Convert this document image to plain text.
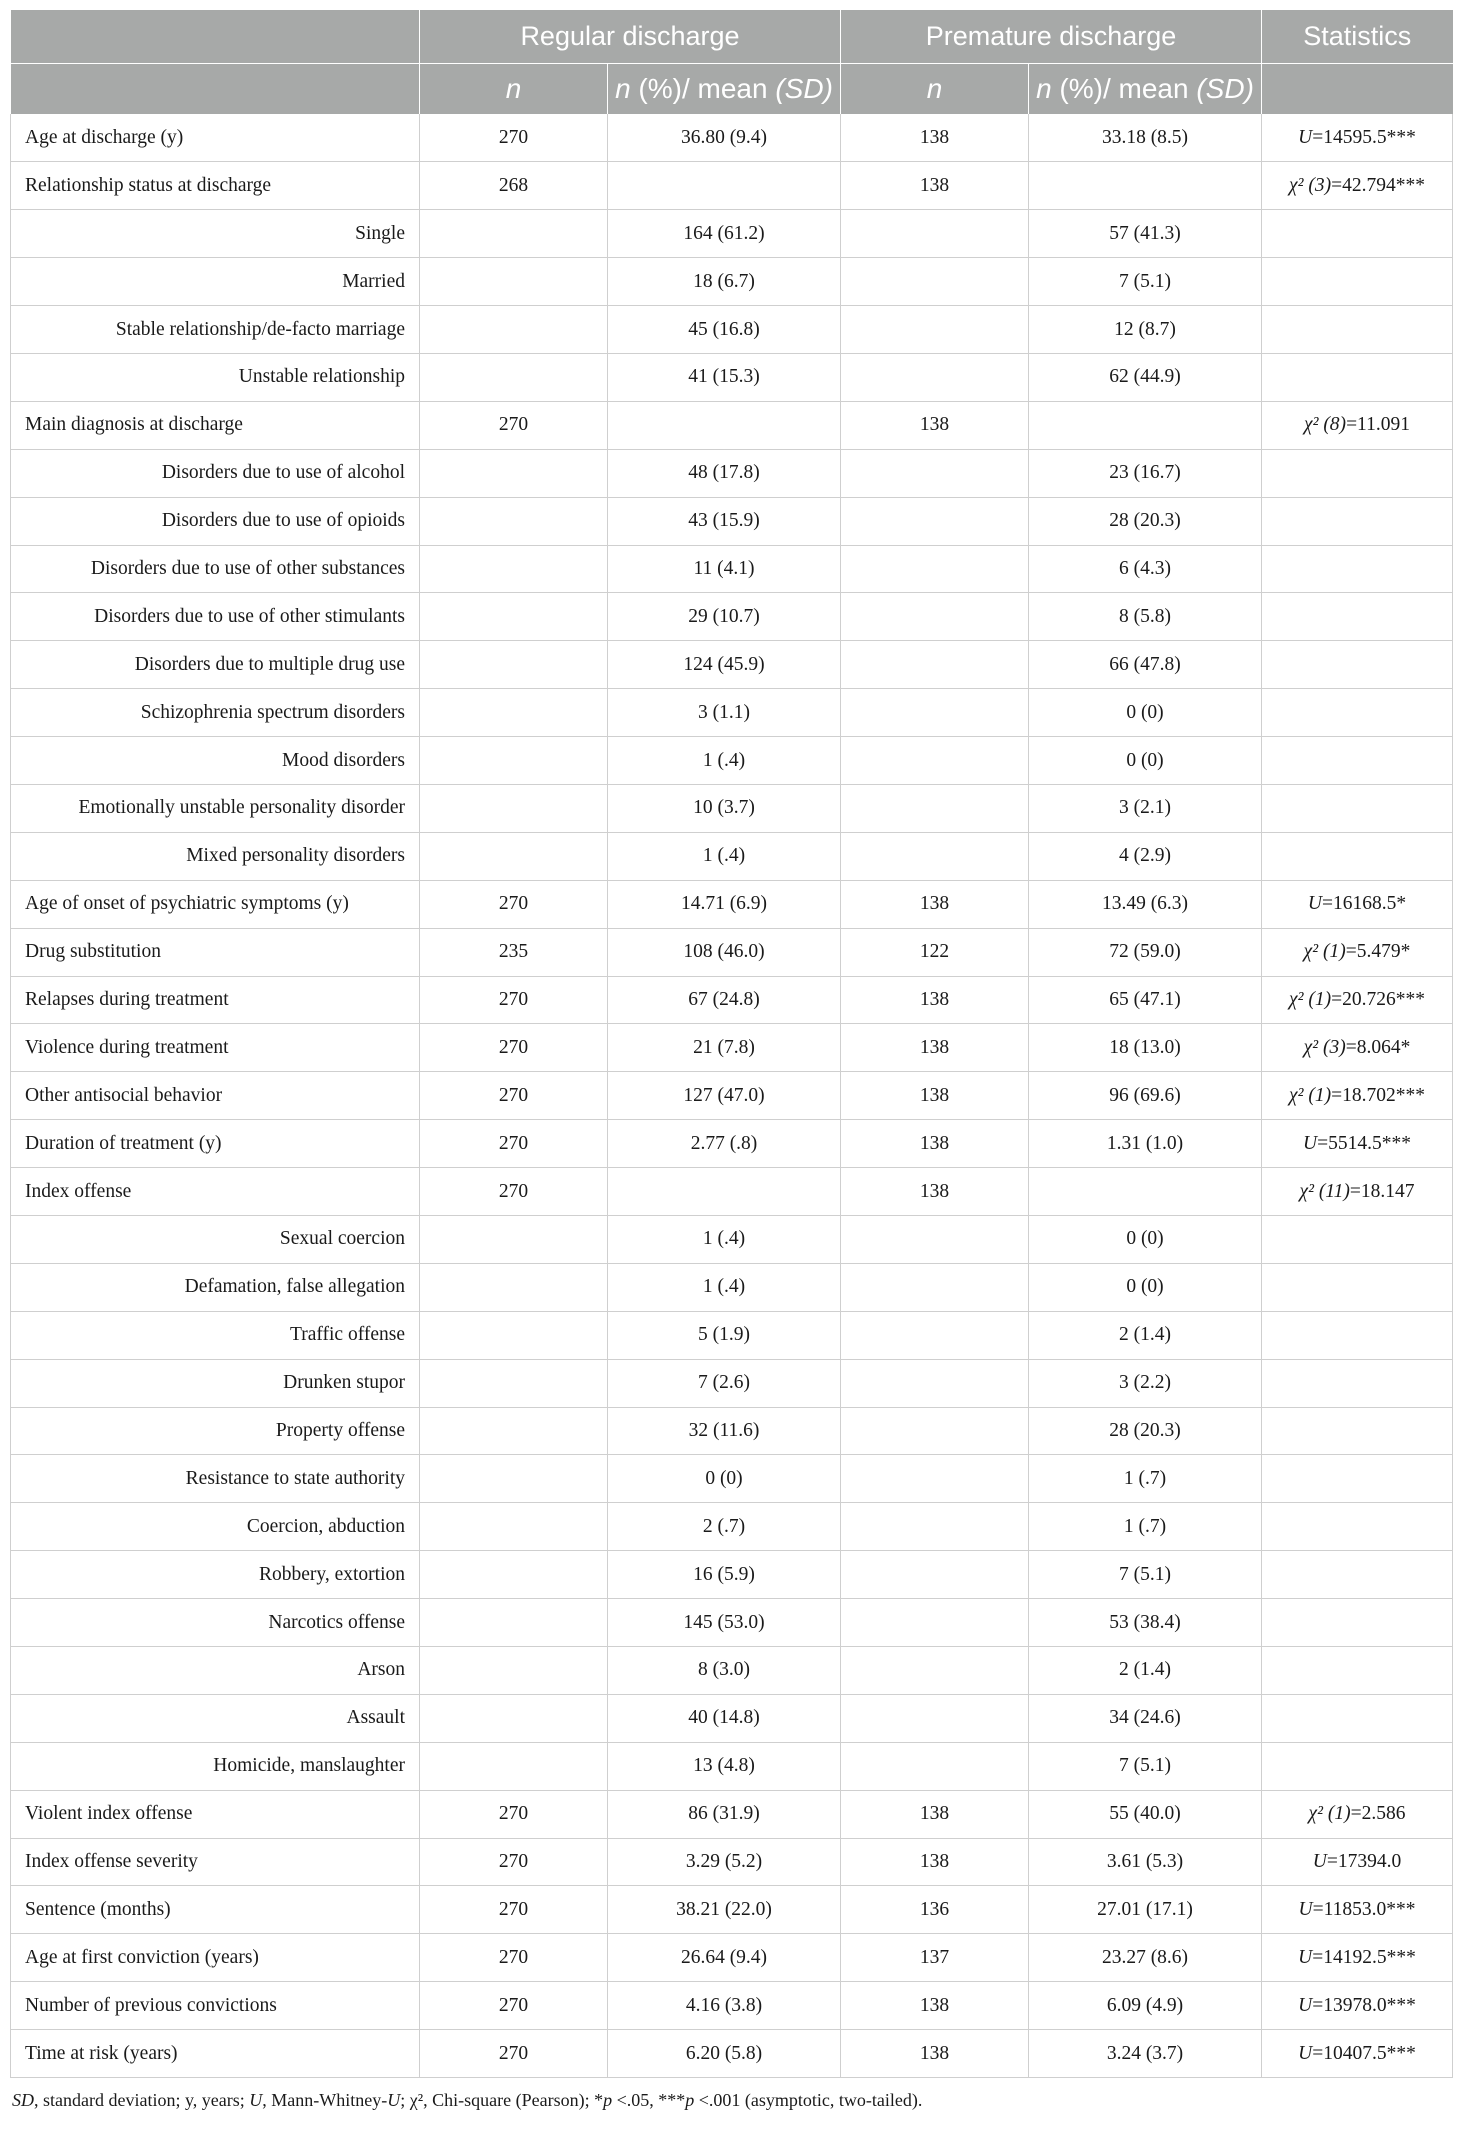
	Regular discharge		Premature discharge		Statistics
	n	n (%)/ mean (SD)	n	n (%)/ mean (SD)	
Age at discharge (y)	270	36.80 (9.4)	138	33.18 (8.5)	U=14595.5***
Relationship status at discharge	268		138		χ² (3)=42.794***
Single		164 (61.2)		57 (41.3)	
Married		18 (6.7)		7 (5.1)	
Stable relationship/de-facto marriage		45 (16.8)		12 (8.7)	
Unstable relationship		41 (15.3)		62 (44.9)	
Main diagnosis at discharge	270		138		χ² (8)=11.091
Disorders due to use of alcohol		48 (17.8)		23 (16.7)	
Disorders due to use of opioids		43 (15.9)		28 (20.3)	
Disorders due to use of other substances		11 (4.1)		6 (4.3)	
Disorders due to use of other stimulants		29 (10.7)		8 (5.8)	
Disorders due to multiple drug use		124 (45.9)		66 (47.8)	
Schizophrenia spectrum disorders		3 (1.1)		0 (0)	
Mood disorders		1 (.4)		0 (0)	
Emotionally unstable personality disorder		10 (3.7)		3 (2.1)	
Mixed personality disorders		1 (.4)		4 (2.9)	
Age of onset of psychiatric symptoms (y)	270	14.71 (6.9)	138	13.49 (6.3)	U=16168.5*
Drug substitution	235	108 (46.0)	122	72 (59.0)	χ² (1)=5.479*
Relapses during treatment	270	67 (24.8)	138	65 (47.1)	χ² (1)=20.726***
Violence during treatment	270	21 (7.8)	138	18 (13.0)	χ² (3)=8.064*
Other antisocial behavior	270	127 (47.0)	138	96 (69.6)	χ² (1)=18.702***
Duration of treatment (y)	270	2.77 (.8)	138	1.31 (1.0)	U=5514.5***
Index offense	270		138		χ² (11)=18.147
Sexual coercion		1 (.4)		0 (0)	
Defamation, false allegation		1 (.4)		0 (0)	
Traffic offense		5 (1.9)		2 (1.4)	
Drunken stupor		7 (2.6)		3 (2.2)	
Property offense		32 (11.6)		28 (20.3)	
Resistance to state authority		0 (0)		1 (.7)	
Coercion, abduction		2 (.7)		1 (.7)	
Robbery, extortion		16 (5.9)		7 (5.1)	
Narcotics offense		145 (53.0)		53 (38.4)	
Arson		8 (3.0)		2 (1.4)	
Assault		40 (14.8)		34 (24.6)	
Homicide, manslaughter		13 (4.8)		7 (5.1)	
Violent index offense	270	86 (31.9)	138	55 (40.0)	χ² (1)=2.586
Index offense severity	270	3.29 (5.2)	138	3.61 (5.3)	U=17394.0
Sentence (months)	270	38.21 (22.0)	136	27.01 (17.1)	U=11853.0***
Age at first conviction (years)	270	26.64 (9.4)	137	23.27 (8.6)	U=14192.5***
Number of previous convictions	270	4.16 (3.8)	138	6.09 (4.9)	U=13978.0***
Time at risk (years)	270	6.20 (5.8)	138	3.24 (3.7)	U=10407.5***
SD, standard deviation; y, years; U, Mann-Whitney-U; χ², Chi-square (Pearson); *p <.05, ***p <.001 (asymptotic, two-tailed).
